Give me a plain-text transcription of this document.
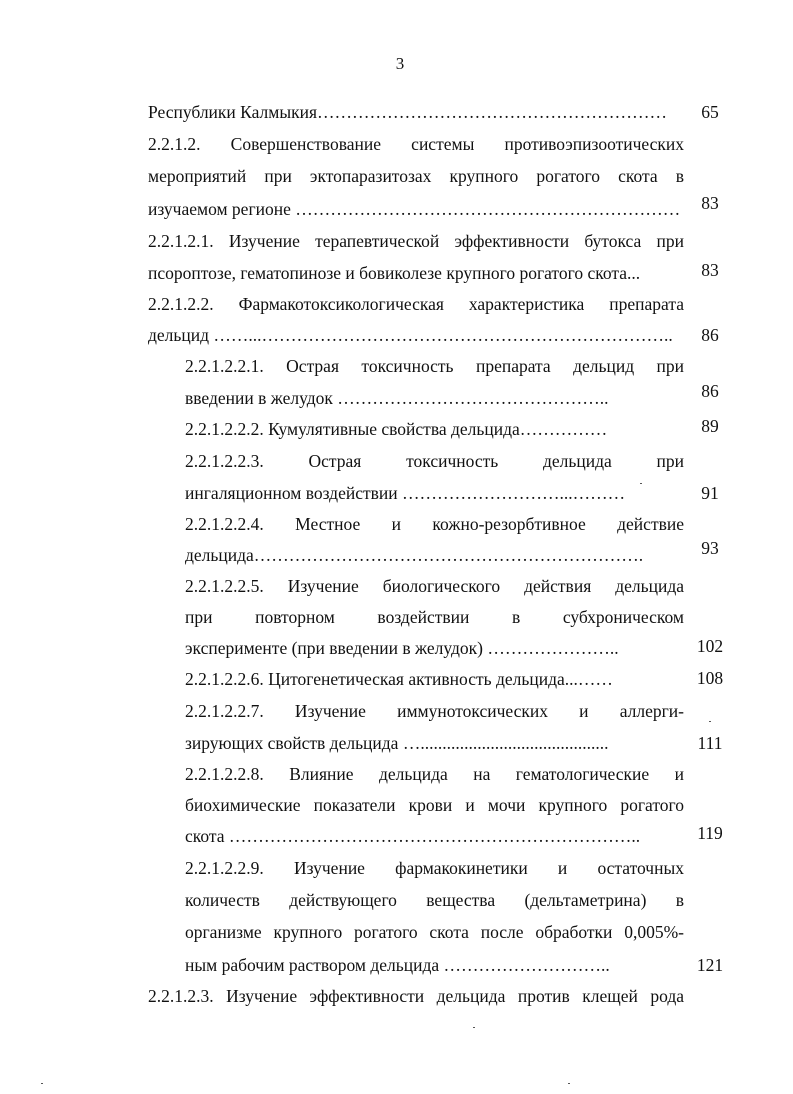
3
Республики Калмыкия……………………………………………………
2.2.1.2. Совершенствование системы противоэпизоотических
мероприятий при эктопаразитозах крупного рогатого скота в
изучаемом регионе …………………………………………………………
2.2.1.2.1. Изучение терапевтической эффективности бутокса при
псороптозе, гематопинозе и бовиколезе крупного рогатого скота...
2.2.1.2.2. Фармакотоксикологическая характеристика препарата
дельцид ……...……………………………………………………………..
2.2.1.2.2.1. Острая токсичность препарата дельцид при
введении в желудок ………………………………………..
2.2.1.2.2.2. Кумулятивные свойства дельцида……………
2.2.1.2.2.3. Острая токсичность дельцида при
ингаляционном воздействии ………………………...………
2.2.1.2.2.4. Местное и кожно-резорбтивное действие
дельцида………………………………………………………….
2.2.1.2.2.5. Изучение биологического действия дельцида
при повторном воздействии в субхроническом
эксперименте (при введении в желудок) …………………..
2.2.1.2.2.6. Цитогенетическая активность дельцида...……
2.2.1.2.2.7. Изучение иммунотоксических и аллерги-
зирующих свойств дельцида …...........................................
2.2.1.2.2.8. Влияние дельцида на гематологические и
биохимические показатели крови и мочи крупного рогатого
скота ……………………………………………………………..
2.2.1.2.2.9. Изучение фармакокинетики и остаточных
количеств действующего вещества (дельтаметрина) в
организме крупного рогатого скота после обработки 0,005%-
ным рабочим раствором дельцида ………………………..
2.2.1.2.3. Изучение эффективности дельцида против клещей рода
65
83
83
86
86
89
91
93
102
108
111
119
121
